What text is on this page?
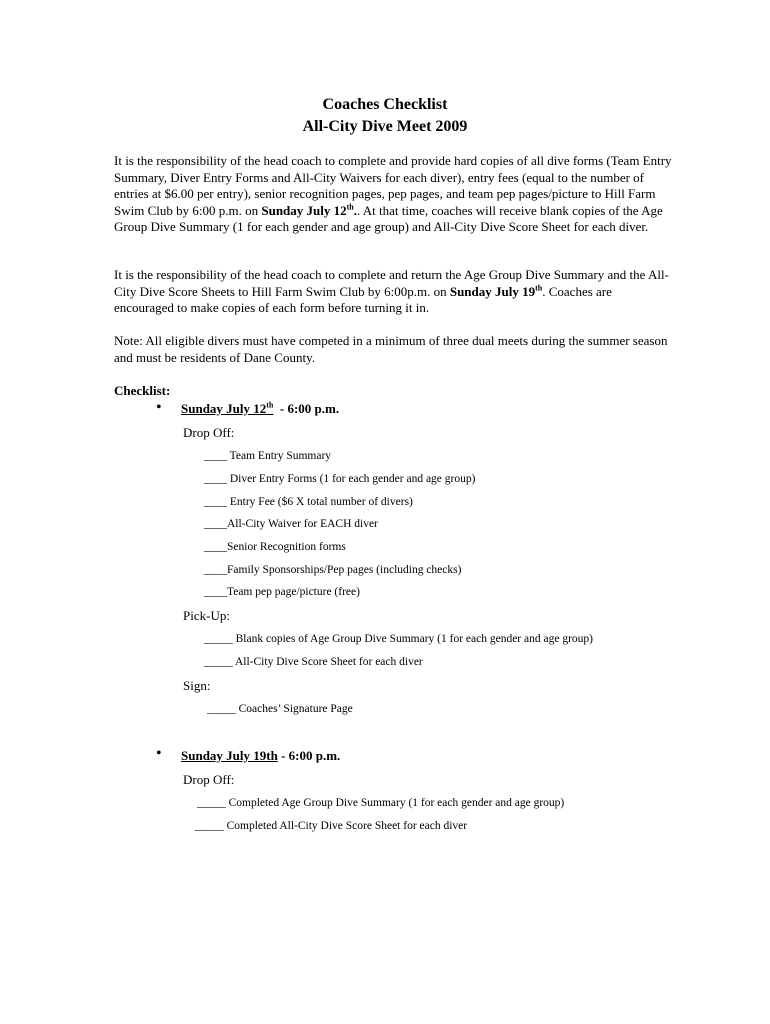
Coaches Checklist
All-City Dive Meet 2009
It is the responsibility of the head coach to complete and provide hard copies of all dive forms (Team Entry Summary, Diver Entry Forms and All-City Waivers for each diver), entry fees (equal to the number of entries at $6.00 per entry), senior recognition pages, pep pages, and team pep pages/picture to Hill Farm Swim Club by 6:00 p.m. on Sunday July 12th.. At that time, coaches will receive blank copies of the Age Group Dive Summary (1 for each gender and age group) and All-City Dive Score Sheet for each diver.
It is the responsibility of the head coach to complete and return the Age Group Dive Summary and the All-City Dive Score Sheets to Hill Farm Swim Club by 6:00p.m. on Sunday July 19th. Coaches are encouraged to make copies of each form before turning it in.
Note: All eligible divers must have competed in a minimum of three dual meets during the summer season and must be residents of Dane County.
Checklist:
• Sunday July 12th  - 6:00 p.m.
Drop Off:
____ Team Entry Summary
____ Diver Entry Forms (1 for each gender and age group)
____ Entry Fee ($6 X total number of divers)
____All-City Waiver for EACH diver
____Senior Recognition forms
____Family Sponsorships/Pep pages (including checks)
____Team pep page/picture (free)
Pick-Up:
_____ Blank copies of Age Group Dive Summary (1 for each gender and age group)
_____ All-City Dive Score Sheet for each diver
Sign:
_____ Coaches’ Signature Page
• Sunday July 19th - 6:00 p.m.
Drop Off:
_____ Completed Age Group Dive Summary (1 for each gender and age group)
_____ Completed All-City Dive Score Sheet for each diver
